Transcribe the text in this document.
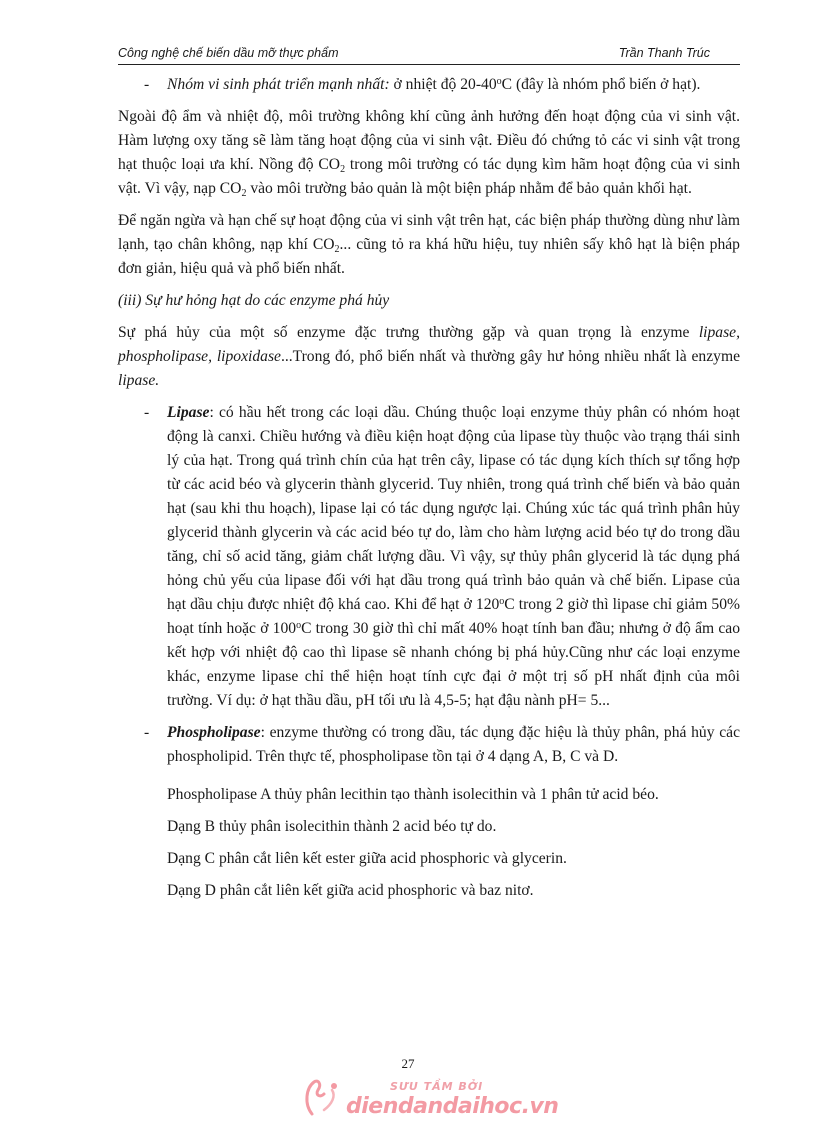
Công nghệ chế biến dầu mỡ thực phẩm	Trần Thanh Trúc
- Nhóm vi sinh phát triển mạnh nhất: ở nhiệt độ 20-40$^o$C (đây là nhóm phổ biến ở hạt).

Ngoài độ ẩm và nhiệt độ, môi trường không khí cũng ảnh hưởng đến hoạt động của vi sinh vật. Hàm lượng oxy tăng sẽ làm tăng hoạt động của vi sinh vật. Điều đó chứng tỏ các vi sinh vật trong hạt thuộc loại ưa khí. Nồng độ $CO_2$ trong môi trường có tác dụng kìm hãm hoạt động của vi sinh vật. Vì vậy, nạp $CO_2$ vào môi trường bảo quản là một biện pháp nhằm để bảo quản khối hạt.

Để ngăn ngừa và hạn chế sự hoạt động của vi sinh vật trên hạt, các biện pháp thường dùng như làm lạnh, tạo chân không, nạp khí $CO_2$... cũng tỏ ra khá hữu hiệu, tuy nhiên sấy khô hạt là biện pháp đơn giản, hiệu quả và phổ biến nhất.

(iii) Sự hư hỏng hạt do các enzyme phá hủy

Sự phá hủy của một số enzyme đặc trưng thường gặp và quan trọng là enzyme lipase, phospholipase, lipoxidase...Trong đó, phổ biến nhất và thường gây hư hỏng nhiều nhất là enzyme lipase.

- Lipase: có hầu hết trong các loại dầu. Chúng thuộc loại enzyme thủy phân có nhóm hoạt động là canxi. Chiều hướng và điều kiện hoạt động của lipase tùy thuộc vào trạng thái sinh lý của hạt. Trong quá trình chín của hạt trên cây, lipase có tác dụng kích thích sự tổng hợp từ các acid béo và glycerin thành glycerid. Tuy nhiên, trong quá trình chế biến và bảo quản hạt (sau khi thu hoạch), lipase lại có tác dụng ngược lại. Chúng xúc tác quá trình phân hủy glycerid thành glycerin và các acid béo tự do, làm cho hàm lượng acid béo tự do trong dầu tăng, chỉ số acid tăng, giảm chất lượng dầu. Vì vậy, sự thủy phân glycerid là tác dụng phá hỏng chủ yếu của lipase đối với hạt dầu trong quá trình bảo quản và chế biến. Lipase của hạt dầu chịu được nhiệt độ khá cao. Khi để hạt ở 120$^o$C trong 2 giờ thì lipase chỉ giảm 50% hoạt tính hoặc ở 100$^o$C trong 30 giờ thì chỉ mất 40% hoạt tính ban đầu; nhưng ở độ ẩm cao kết hợp với nhiệt độ cao thì lipase sẽ nhanh chóng bị phá hủy.Cũng như các loại enzyme khác, enzyme lipase chỉ thể hiện hoạt tính cực đại ở một trị số pH nhất định của môi trường. Ví dụ: ở hạt thầu dầu, pH tối ưu là 4,5-5; hạt đậu nành pH= 5...
- Phospholipase: enzyme thường có trong dầu, tác dụng đặc hiệu là thủy phân, phá hủy các phospholipid. Trên thực tế, phospholipase tồn tại ở 4 dạng A, B, C và D.

Phospholipase A thủy phân lecithin tạo thành isolecithin và 1 phân tử acid béo.

Dạng B thủy phân isolecithin thành 2 acid béo tự do.

Dạng C phân cắt liên kết ester giữa acid phosphoric và glycerin.

Dạng D phân cắt liên kết giữa acid phosphoric và baz nitơ.

27
SƯU TẦM BỞI
diendandaihoc.vn
